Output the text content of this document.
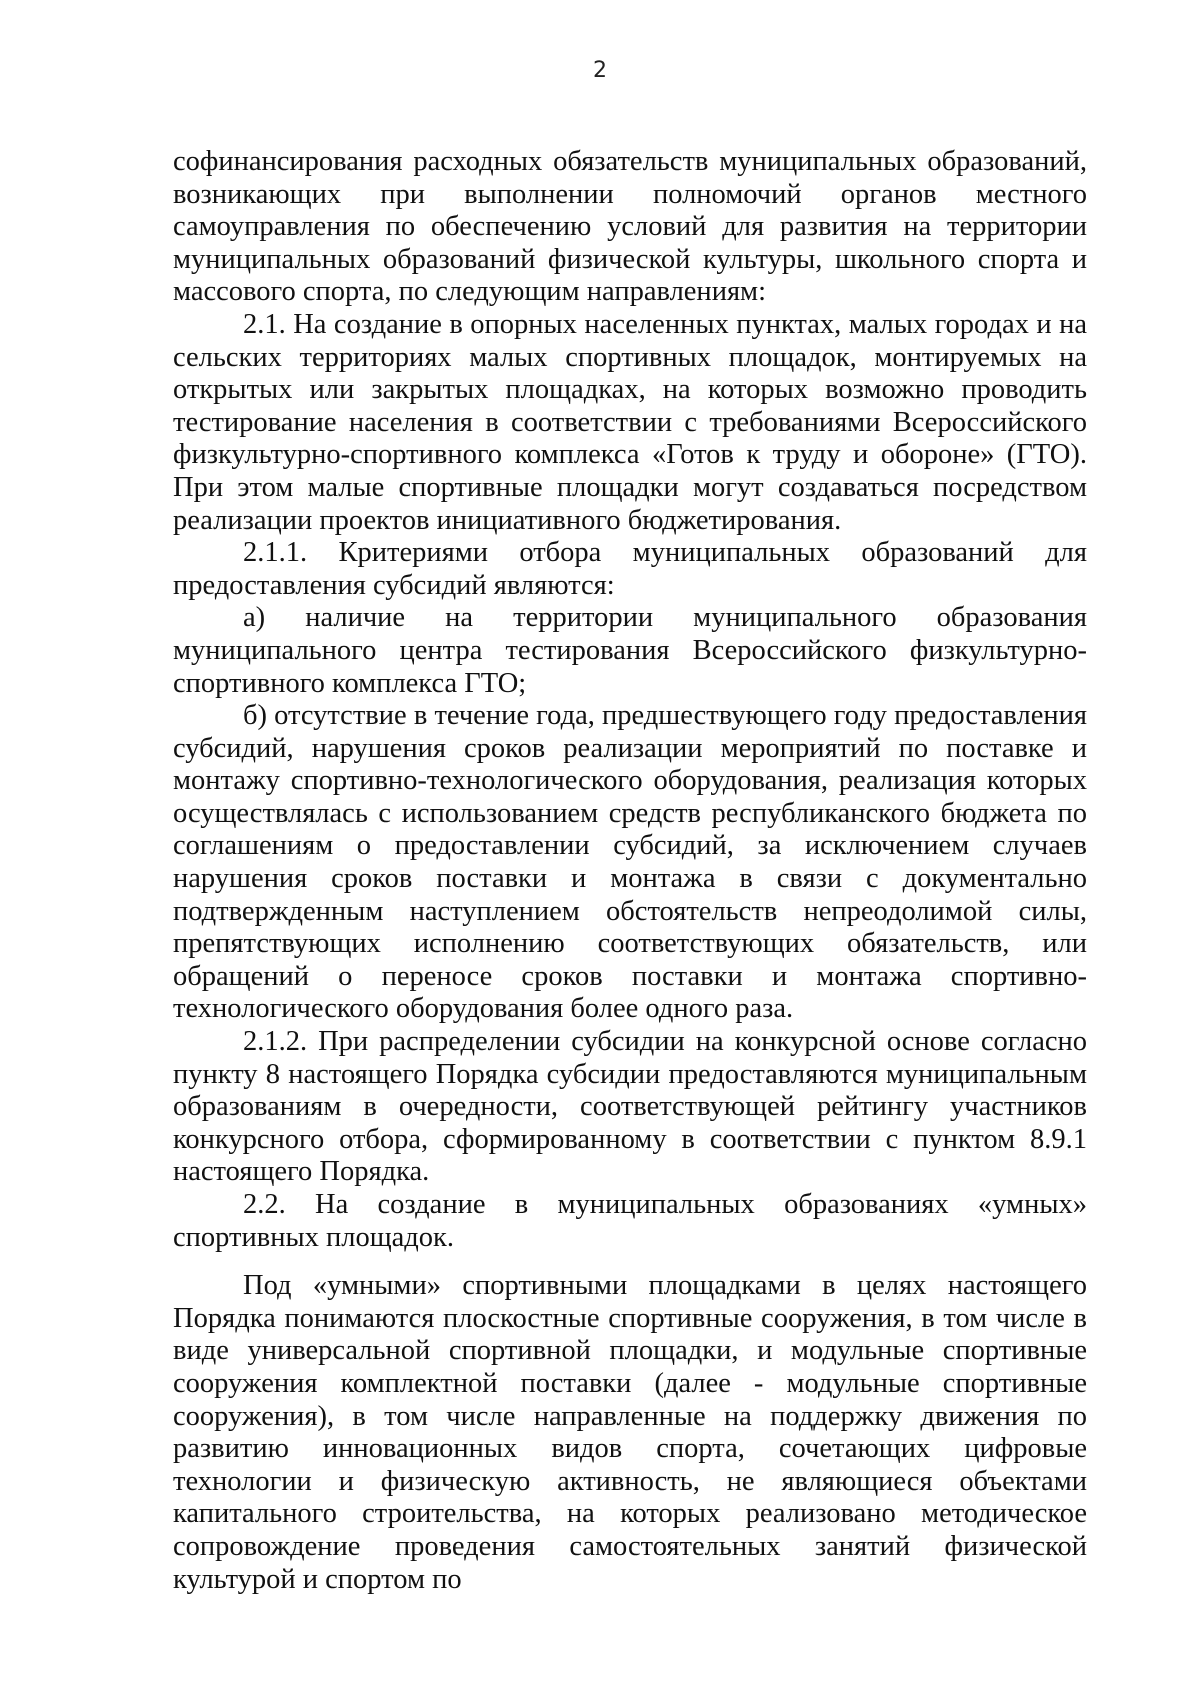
2

софинансирования расходных обязательств муниципальных образований, возникающих при выполнении полномочий органов местного самоуправления по обеспечению условий для развития на территории муниципальных образований физической культуры, школьного спорта и массового спорта, по следующим направлениям:

2.1. На создание в опорных населенных пунктах, малых городах и на сельских территориях малых спортивных площадок, монтируемых на открытых или закрытых площадках, на которых возможно проводить тестирование населения в соответствии с требованиями Всероссийского физкультурно-спортивного комплекса «Готов к труду и обороне» (ГТО). При этом малые спортивные площадки могут создаваться посредством реализации проектов инициативного бюджетирования.

2.1.1. Критериями отбора муниципальных образований для предоставления субсидий являются:

а) наличие на территории муниципального образования муниципального центра тестирования Всероссийского физкультурно-спортивного комплекса ГТО;

б) отсутствие в течение года, предшествующего году предоставления субсидий, нарушения сроков реализации мероприятий по поставке и монтажу спортивно-технологического оборудования, реализация которых осуществлялась с использованием средств республиканского бюджета по соглашениям о предоставлении субсидий, за исключением случаев нарушения сроков поставки и монтажа в связи с документально подтвержденным наступлением обстоятельств непреодолимой силы, препятствующих исполнению соответствующих обязательств, или обращений о переносе сроков поставки и монтажа спортивно-технологического оборудования более одного раза.

2.1.2. При распределении субсидии на конкурсной основе согласно пункту 8 настоящего Порядка субсидии предоставляются муниципальным образованиям в очередности, соответствующей рейтингу участников конкурсного отбора, сформированному в соответствии с пунктом 8.9.1 настоящего Порядка.

2.2. На создание в муниципальных образованиях «умных» спортивных площадок.

Под «умными» спортивными площадками в целях настоящего Порядка понимаются плоскостные спортивные сооружения, в том числе в виде универсальной спортивной площадки, и модульные спортивные сооружения комплектной поставки (далее - модульные спортивные сооружения), в том числе направленные на поддержку движения по развитию инновационных видов спорта, сочетающих цифровые технологии и физическую активность, не являющиеся объектами капитального строительства, на которых реализовано методическое сопровождение проведения самостоятельных занятий физической культурой и спортом по
